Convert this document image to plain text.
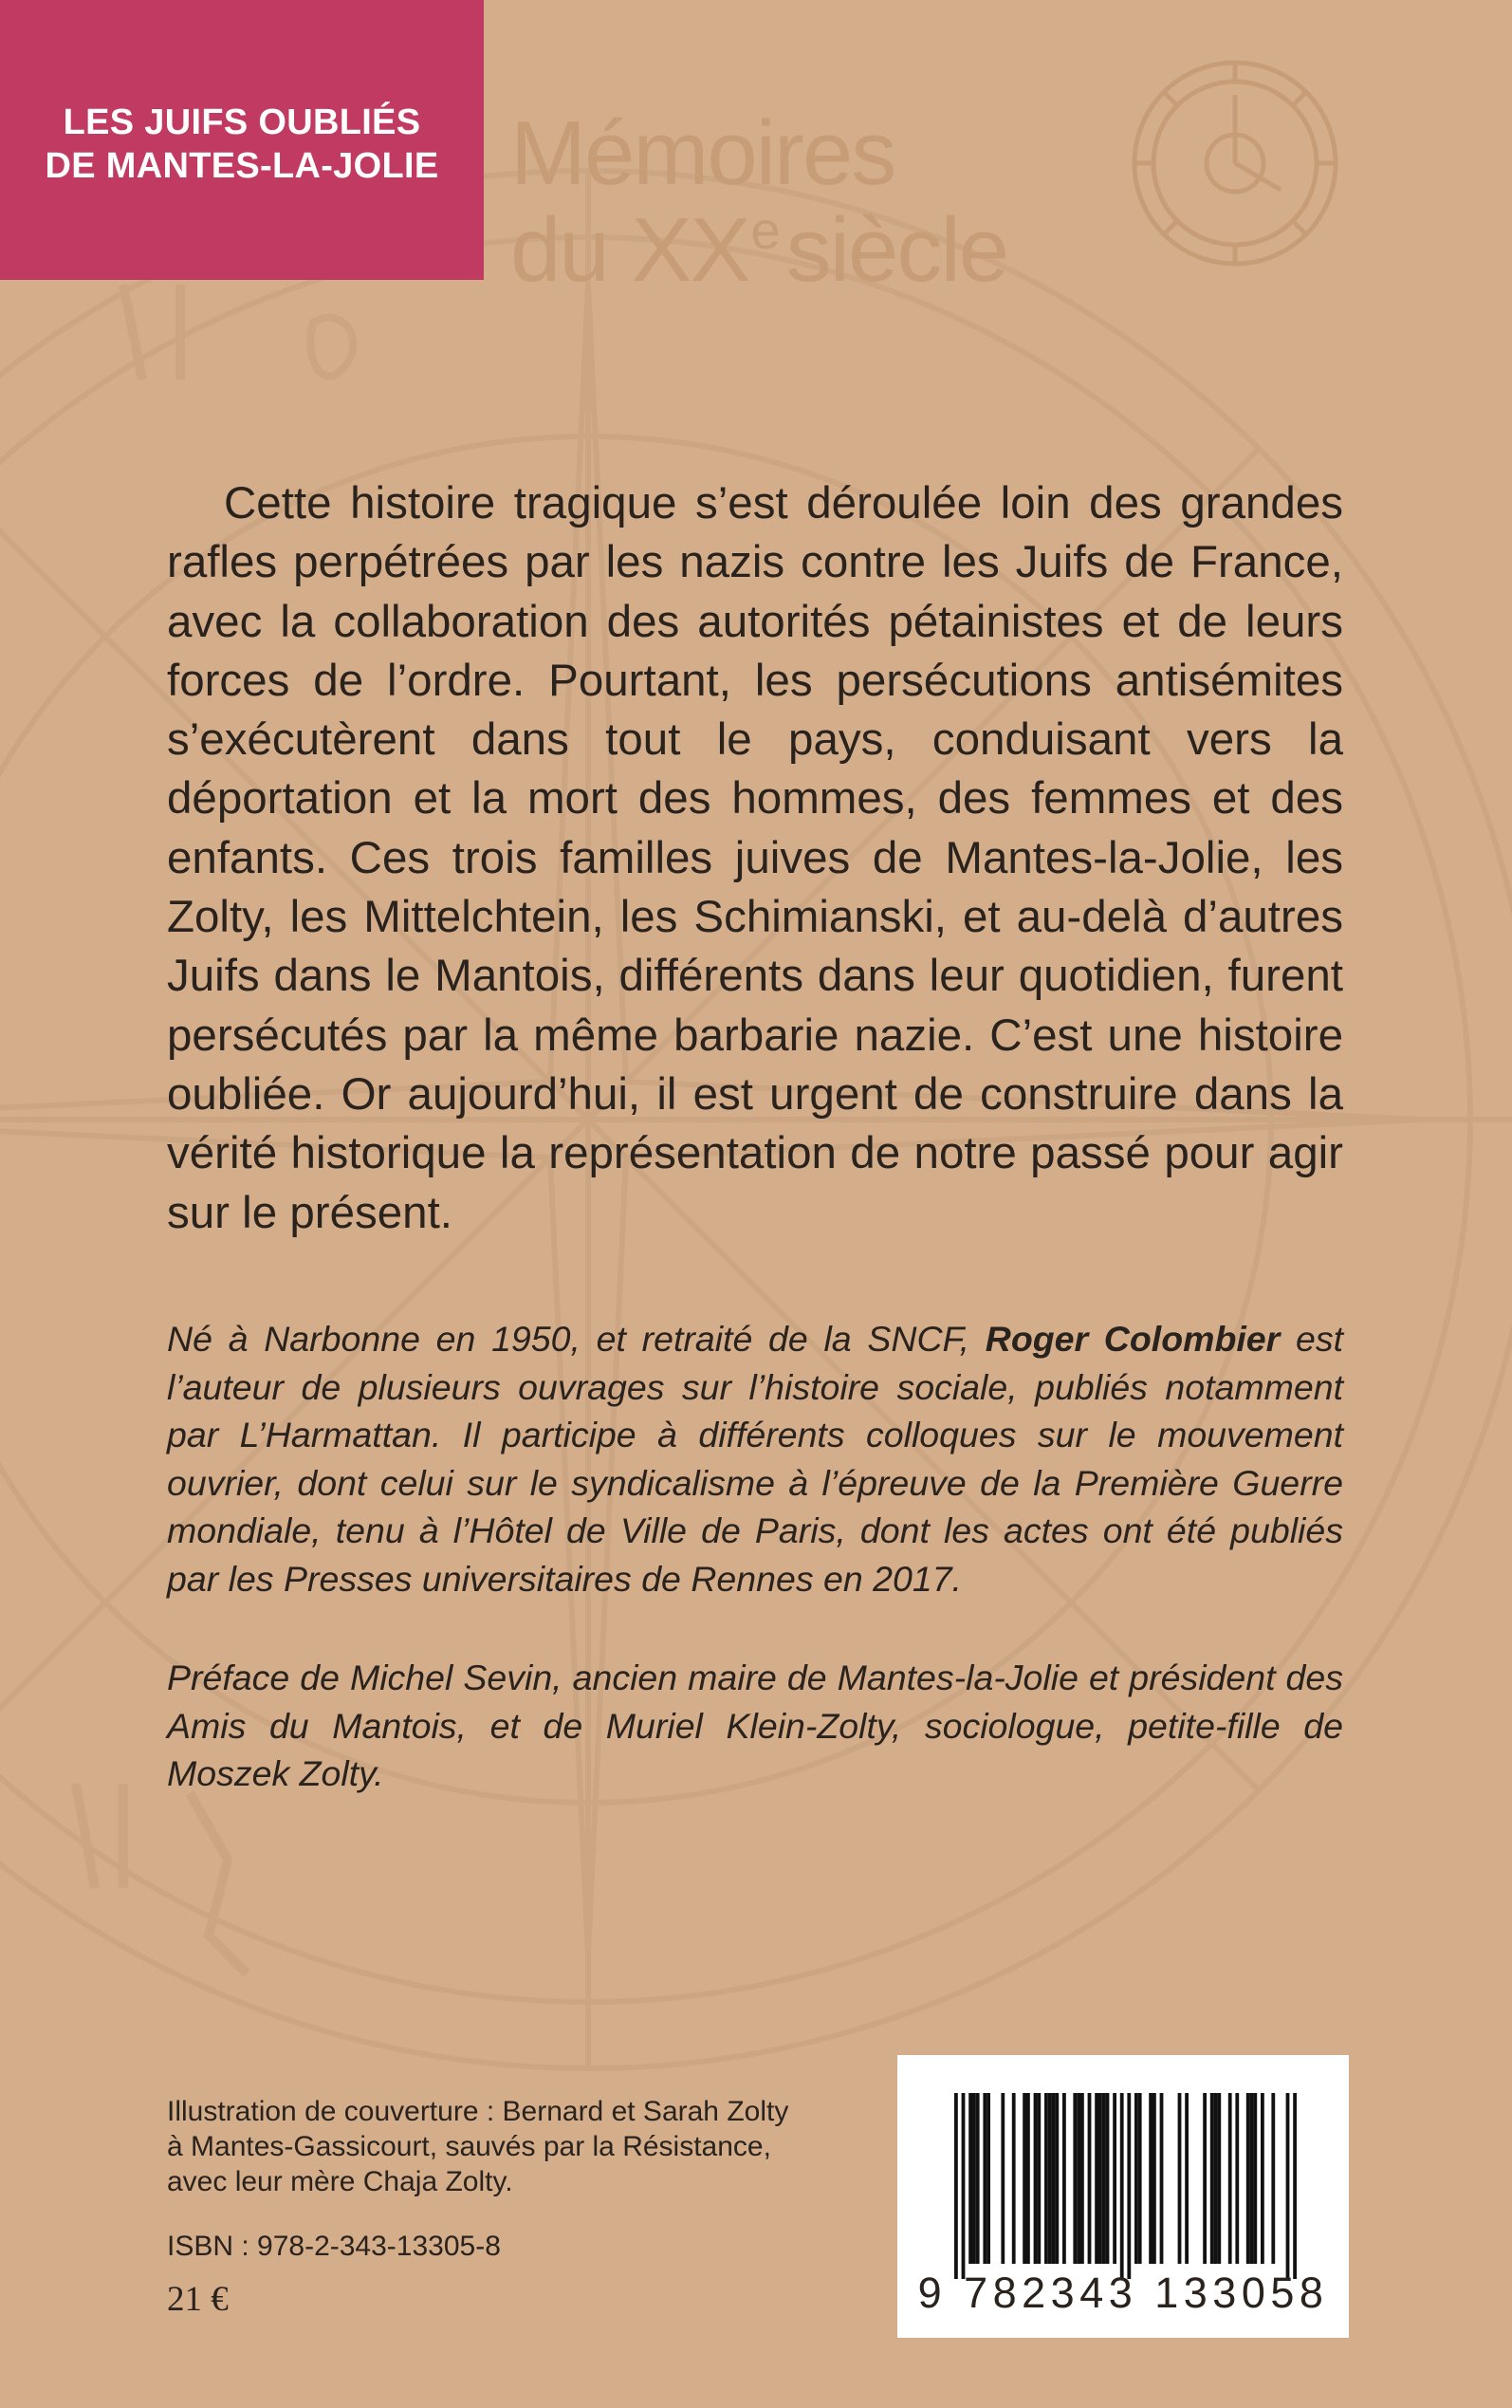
LES JUIFS OUBLIÉS
DE MANTES-LA-JOLIE Mémoires
du XXesiècle

Cette histoire tragique s’est déroulée loin des grandes rafles perpétrées par les nazis contre les Juifs de France, avec la collaboration des autorités pétainistes et de leurs forces de l’ordre. Pourtant, les persécutions antisémites s’exécutèrent dans tout le pays, conduisant vers la déportation et la mort des hommes, des femmes et des enfants. Ces trois familles juives de Mantes-la-Jolie, les Zolty, les Mittelchtein, les Schimianski, et au-delà d’autres Juifs dans le Mantois, différents dans leur quotidien, furent persécutés par la même barbarie nazie. C’est une histoire oubliée. Or aujourd’hui, il est urgent de construire dans la vérité historique la représentation de notre passé pour agir sur le présent.

Né à Narbonne en 1950, et retraité de la SNCF, Roger Colombier est l’auteur de plusieurs ouvrages sur l’histoire sociale, publiés notamment par L’Harmattan. Il participe à différents colloques sur le mouvement ouvrier, dont celui sur le syndicalisme à l’épreuve de la Première Guerre mondiale, tenu à l’Hôtel de Ville de Paris, dont les actes ont été publiés par les Presses universitaires de Rennes en 2017.

Préface de Michel Sevin, ancien maire de Mantes-la-Jolie et président des Amis du Mantois, et de Muriel Klein-Zolty, sociologue, petite-fille de Moszek Zolty.

Illustration de couverture : Bernard et Sarah Zolty
à Mantes-Gassicourt, sauvés par la Résistance,
avec leur mère Chaja Zolty.
ISBN : 978-2-343-13305-8
21 €	9 782343 133058
